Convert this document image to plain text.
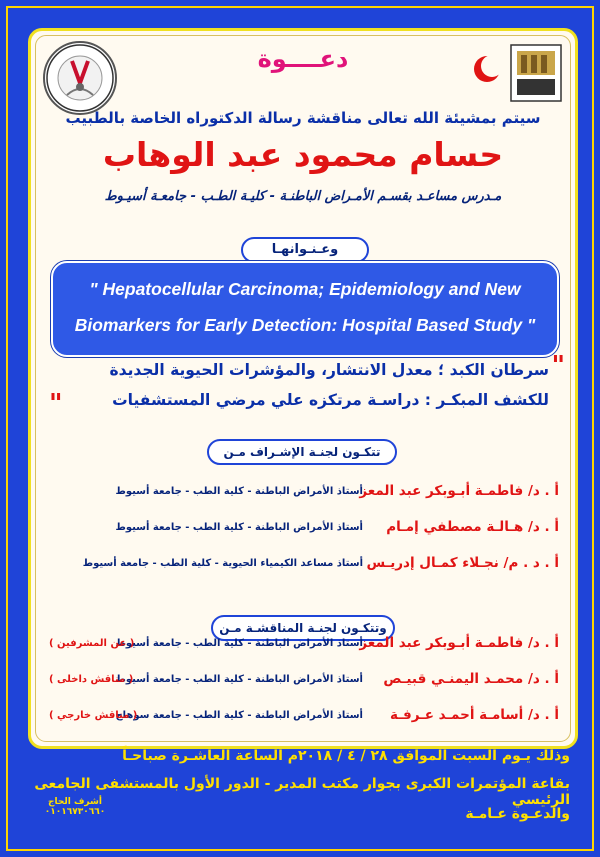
دعــــوة
سيتم بمشيئة الله تعالى مناقشة رسالة الدكتوراه الخاصة بالطبيب
حسام محمود عبد الوهاب
مـدرس مساعـد بقسـم الأمـراض الباطنـة - كليـة الطـب - جامعـة أسيـوط
وعـنـوانهـا
" Hepatocellular Carcinoma; Epidemiology and New
Biomarkers for Early Detection: Hospital Based Study "
"
سرطان الكبد ؛ معدل الانتشار، والمؤشرات الحيوية الجديدة
للكشف المبكـر : دراسـة مرتكزه علي مرضي المستشفيات
"
تتكـون لجنـة الإشـراف مـن
أ . د/ فاطمـة أبـوبكر عبد المعز
أستاذ الأمراض الباطنة - كلية الطب - جامعة أسيوط
أ . د/ هـالـة مصطفي إمـام
أستاذ الأمراض الباطنة - كلية الطب - جامعة أسيوط
أ . د . م/ نجـلاء كمـال إدريـس
أستاذ مساعد الكيمياء الحيوية - كلية الطب - جامعة أسيوط
وتتكـون لجنـة المناقشـة مـن
أ . د/ فاطمـة أبـوبكر عبد المعز
أستاذ الأمراض الباطنة - كلية الطب - جامعة أسيوط
( عن المشرفين )
أ . د/ محمـد اليمنـي قبيـص
أستاذ الأمراض الباطنة - كلية الطب - جامعة أسيوط
( مناقش داخلى )
أ . د/ أسامـة أحمـد عـرفـة
أستاذ الأمراض الباطنة - كلية الطب - جامعة سوهاج
( مناقش خارجي )
وذلك يـوم السبت الموافق ٢٨ / ٤ / ٢٠١٨م الساعة العاشـرة صباحـاً
بقاعة المؤتمرات الكبرى بجوار مكتب المدير - الدور الأول بالمستشفى الجامعى الرئيسي
والدعـوة عـامـة
أشرف الحاج
٠١٠١٦٧٣٠٦٦٠
